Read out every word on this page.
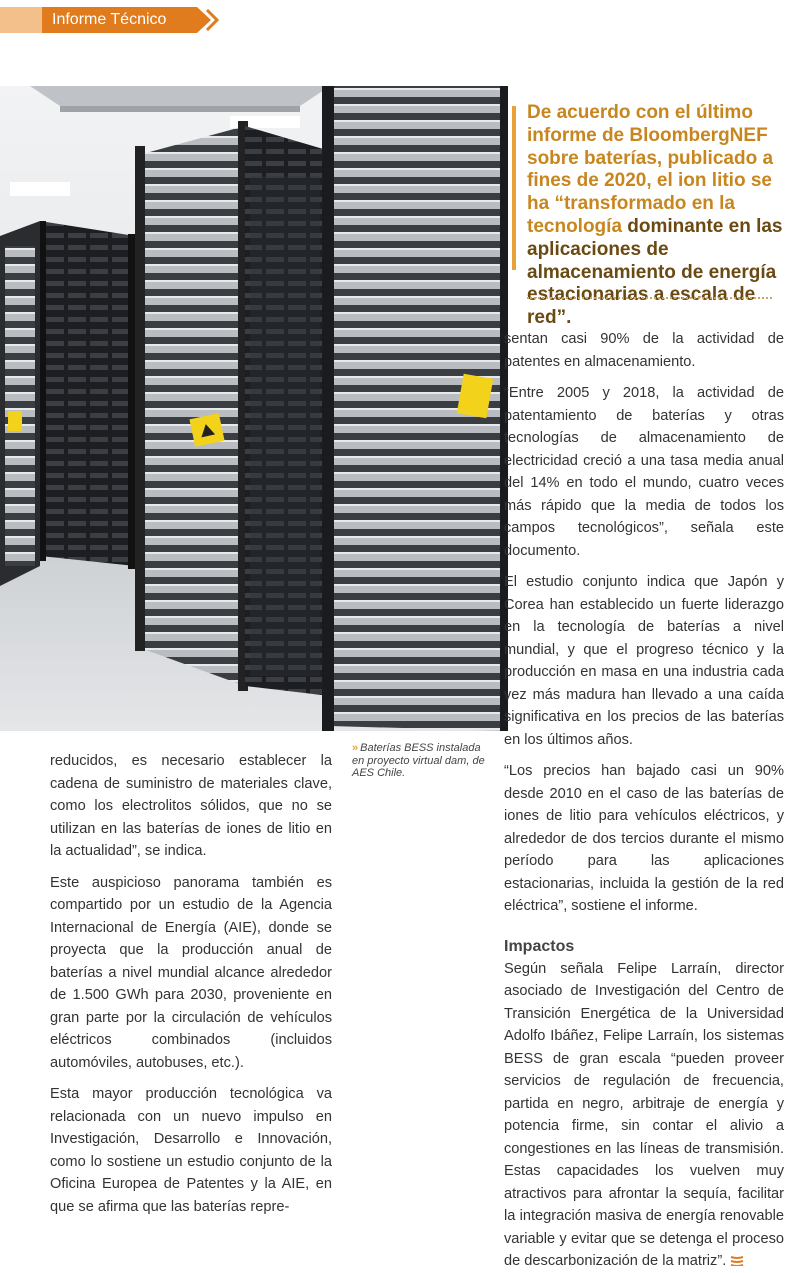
Informe Técnico
De acuerdo con el último informe de BloombergNEF sobre baterías, publicado a fines de 2020, el ion litio se ha “transformado en la tecnología dominante en las aplicaciones de almacenamiento de energía estacionarias a escala de red”.
» Baterías BESS instalada en proyecto virtual dam, de AES Chile.

reducidos, es necesario establecer la cadena de suministro de materiales clave, como los electrolitos sólidos, que no se utilizan en las baterías de iones de litio en la actualidad”, se indica.

Este auspicioso panorama también es compartido por un estudio de la Agencia Internacional de Energía (AIE), donde se proyecta que la producción anual de baterías a nivel mundial alcance alrededor de 1.500 GWh para 2030, proveniente en gran parte por la circulación de vehículos eléctricos combinados (incluidos automóviles, autobuses, etc.).

Esta mayor producción tecnológica va relacionada con un nuevo impulso en Investigación, Desarrollo e Innovación, como lo sostiene un estudio conjunto de la Oficina Europea de Patentes y la AIE, en que se afirma que las baterías repre-

sentan casi 90% de la actividad de patentes en almacenamiento.

“Entre 2005 y 2018, la actividad de patentamiento de baterías y otras tecnologías de almacenamiento de electricidad creció a una tasa media anual del 14% en todo el mundo, cuatro veces más rápido que la media de todos los campos tecnológicos”, señala este documento.

El estudio conjunto indica que Japón y Corea han establecido un fuerte liderazgo en la tecnología de baterías a nivel mundial, y que el progreso técnico y la producción en masa en una industria cada vez más madura han llevado a una caída significativa en los precios de las baterías en los últimos años.

“Los precios han bajado casi un 90% desde 2010 en el caso de las baterías de iones de litio para vehículos eléctricos, y alrededor de dos tercios durante el mismo período para las aplicaciones estacionarias, incluida la gestión de la red eléctrica”, sostiene el informe.

Impactos

Según señala Felipe Larraín, director asociado de Investigación del Centro de Transición Energética de la Universidad Adolfo Ibáñez, Felipe Larraín, los sistemas BESS de gran escala “pueden proveer servicios de regulación de frecuencia, partida en negro, arbitraje de energía y potencia firme, sin contar el alivio a congestiones en las líneas de transmisión. Estas capacidades los vuelven muy atractivos para afrontar la sequía, facilitar la integración masiva de energía renovable variable y evitar que se detenga el proceso de descarbonización de la matriz”.
